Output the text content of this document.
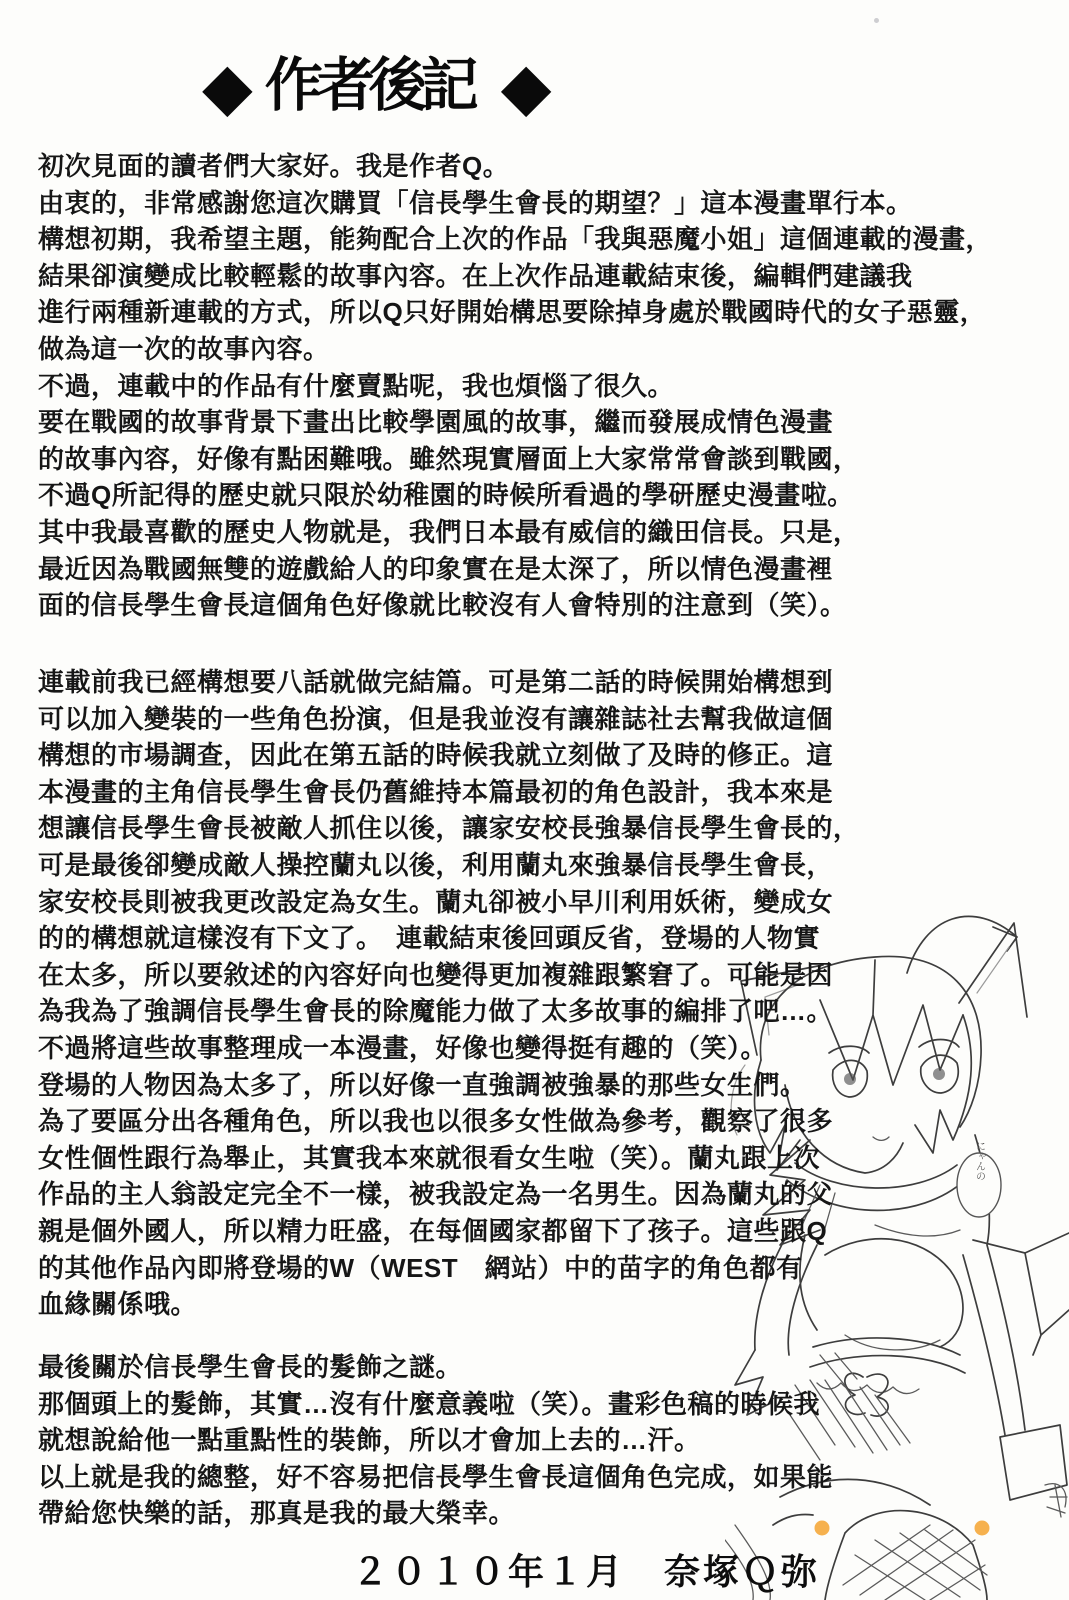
◆ 作者後記 ◆
初次見面的讀者們大家好。我是作者Q。
由衷的，非常感謝您這次購買「信長學生會長的期望？」這本漫畫單行本。
構想初期，我希望主題，能夠配合上次的作品「我與惡魔小姐」這個連載的漫畫，
結果卻演變成比較輕鬆的故事內容。在上次作品連載結束後，編輯們建議我
進行兩種新連載的方式，所以Q只好開始構思要除掉身處於戰國時代的女子惡靈，
做為這一次的故事內容。
不過，連載中的作品有什麼賣點呢，我也煩惱了很久。
要在戰國的故事背景下畫出比較學園風的故事，繼而發展成情色漫畫
的故事內容，好像有點困難哦。雖然現實層面上大家常常會談到戰國，
不過Q所記得的歷史就只限於幼稚園的時候所看過的學研歷史漫畫啦。
其中我最喜歡的歷史人物就是，我們日本最有威信的織田信長。只是，
最近因為戰國無雙的遊戲給人的印象實在是太深了，所以情色漫畫裡
面的信長學生會長這個角色好像就比較沒有人會特別的注意到（笑）。
連載前我已經構想要八話就做完結篇。可是第二話的時候開始構想到
可以加入變裝的一些角色扮演，但是我並沒有讓雜誌社去幫我做這個
構想的市場調查，因此在第五話的時候我就立刻做了及時的修正。這
本漫畫的主角信長學生會長仍舊維持本篇最初的角色設計，我本來是
想讓信長學生會長被敵人抓住以後，讓家安校長強暴信長學生會長的，
可是最後卻變成敵人操控蘭丸以後，利用蘭丸來強暴信長學生會長，
家安校長則被我更改設定為女生。蘭丸卻被小早川利用妖術，變成女
的的構想就這樣沒有下文了。　連載結束後回頭反省，登場的人物實
在太多，所以要敘述的內容好向也變得更加複雜跟繁窘了。可能是因
為我為了強調信長學生會長的除魔能力做了太多故事的編排了吧…。
不過將這些故事整理成一本漫畫，好像也變得挺有趣的（笑）。
登場的人物因為太多了，所以好像一直強調被強暴的那些女生們。
為了要區分出各種角色，所以我也以很多女性做為參考，觀察了很多
女性個性跟行為舉止，其實我本來就很看女生啦（笑）。蘭丸跟上次
作品的主人翁設定完全不一樣，被我設定為一名男生。因為蘭丸的父
親是個外國人，所以精力旺盛，在每個國家都留下了孩子。這些跟Q
的其他作品內即將登場的W（WEST　網站）中的苗字的角色都有
血緣關係哦。
最後關於信長學生會長的髮飾之謎。
那個頭上的髮飾，其實…沒有什麼意義啦（笑）。畫彩色稿的時候我
就想說給他一點重點性的裝飾，所以才會加上去的…汗。
以上就是我的總整，好不容易把信長學生會長這個角色完成，如果能
帶給您快樂的話，那真是我的最大榮幸。
２０１０年１月　奈塚Ｑ弥
にゃんの
